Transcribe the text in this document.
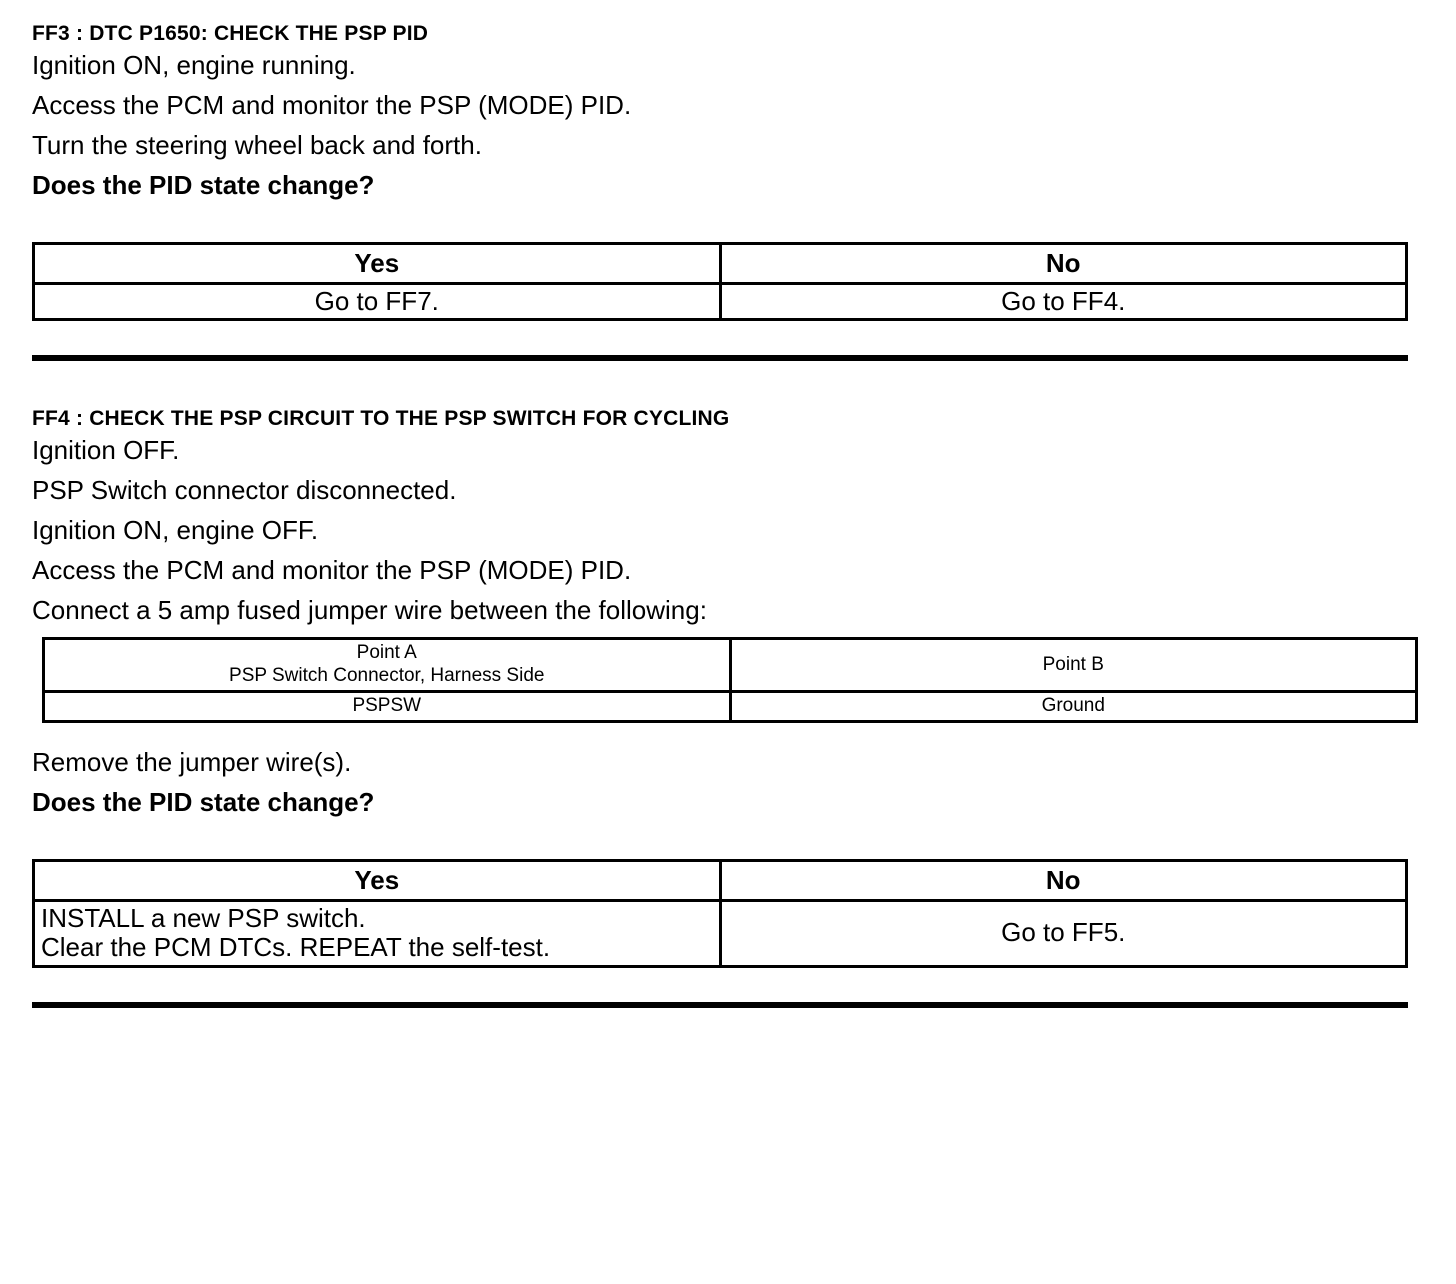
FF3 : DTC P1650: CHECK THE PSP PID
Ignition ON, engine running.
Access the PCM and monitor the PSP (MODE) PID.
Turn the steering wheel back and forth.
Does the PID state change?
Yes	No

Go to FF7.	Go to FF4.
FF4 : CHECK THE PSP CIRCUIT TO THE PSP SWITCH FOR CYCLING
Ignition OFF.
PSP Switch connector disconnected.
Ignition ON, engine OFF.
Access the PCM and monitor the PSP (MODE) PID.
Connect a 5 amp fused jumper wire between the following:
Point A
PSP Switch Connector, Harness Side	Point B

PSPSW	Ground
Remove the jumper wire(s).
Does the PID state change?
Yes	No

INSTALL a new PSP switch.
Clear the PCM DTCs. REPEAT the self-test.	Go to FF5.
